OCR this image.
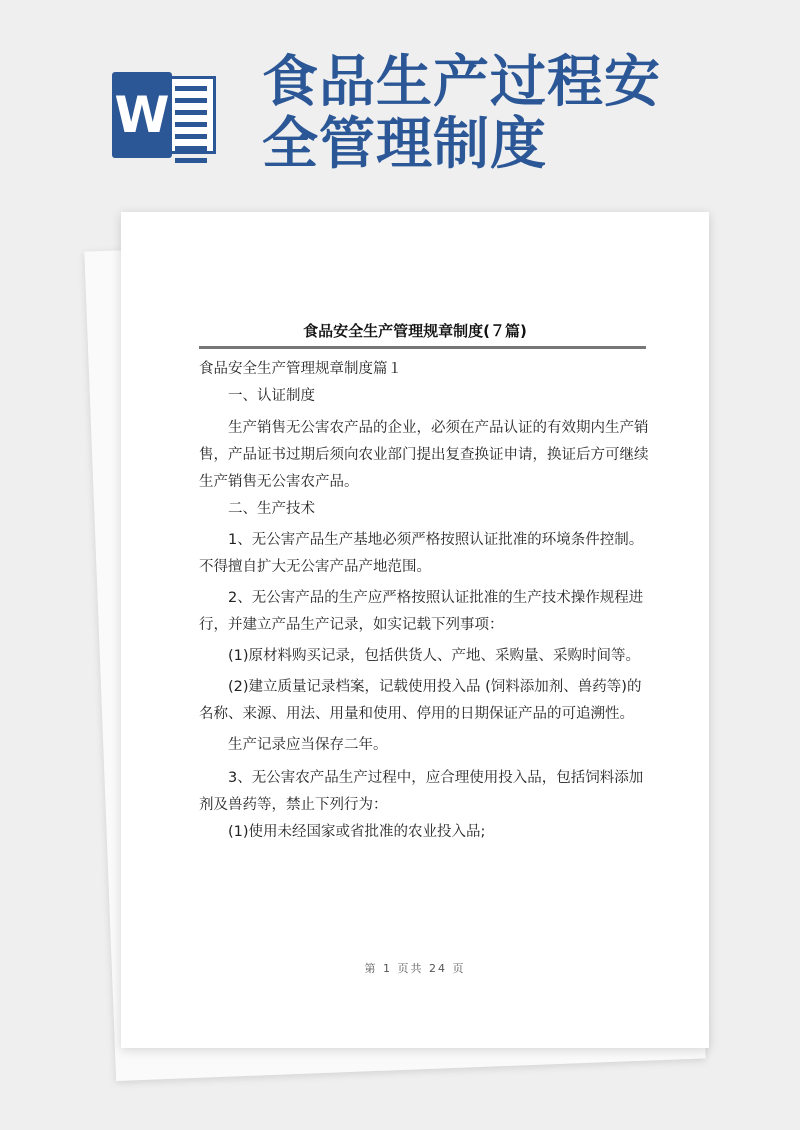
W 食品生产过程安全管理制度
食品安全生产管理规章制度(７篇)

食品安全生产管理规章制度篇１

一、认证制度

生产销售无公害农产品的企业，必须在产品认证的有效期内生产销售，产品证书过期后须向农业部门提出复查换证申请，换证后方可继续生产销售无公害农产品。

二、生产技术

1、无公害产品生产基地必须严格按照认证批准的环境条件控制。不得擅自扩大无公害产品产地范围。

2、无公害产品的生产应严格按照认证批准的生产技术操作规程进行，并建立产品生产记录，如实记载下列事项：

(1)原材料购买记录，包括供货人、产地、采购量、采购时间等。

(2)建立质量记录档案，记载使用投入品 (饲料添加剂、兽药等)的名称、来源、用法、用量和使用、停用的日期保证产品的可追溯性。

生产记录应当保存二年。

3、无公害农产品生产过程中，应合理使用投入品，包括饲料添加剂及兽药等，禁止下列行为：

(1)使用未经国家或省批准的农业投入品;

第 1 页共 24 页
